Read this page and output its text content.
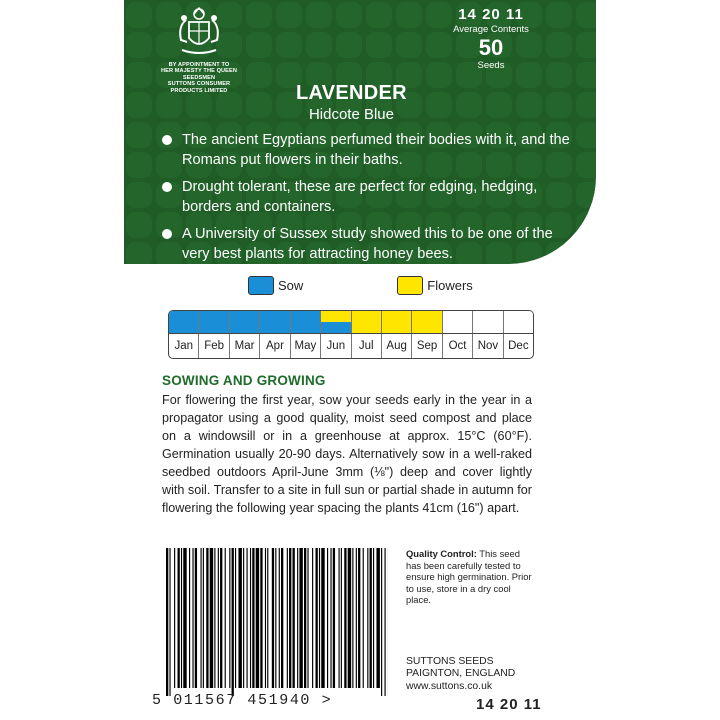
BY APPOINTMENT TO
HER MAJESTY THE QUEEN
SEEDSMEN
SUTTONS CONSUMER
PRODUCTS LIMITED
14 20 11
Average Contents
50
Seeds
LAVENDER
Hidcote Blue
The ancient Egyptians perfumed their bodies with it, and the Romans put flowers in their baths.
Drought tolerant, these are perfect for edging, hedging, borders and containers.
A University of Sussex study showed this to be one of the very best plants for attracting honey bees.
Sow	Flowers
Jan Feb Mar	Apr May Jun	Jul	Aug Sep Oct Nov Dec
SOWING AND GROWING
For flowering the first year, sow your seeds early in the year in a propagator using a good quality, moist seed compost and place on a windowsill or in a greenhouse at approx. 15°C (60°F). Germination usually 20-90 days. Alternatively sow in a well-raked seedbed outdoors April-June 3mm (⅛") deep and cover lightly with soil. Transfer to a site in full sun or partial shade in autumn for flowering the following year spacing the plants 41cm (16") apart.
5 011567 451940 >
Quality Control: This seed has been carefully tested to ensure high germination. Prior to use, store in a dry cool place.
SUTTONS SEEDS
PAIGNTON, ENGLAND
www.suttons.co.uk
14 20 11
